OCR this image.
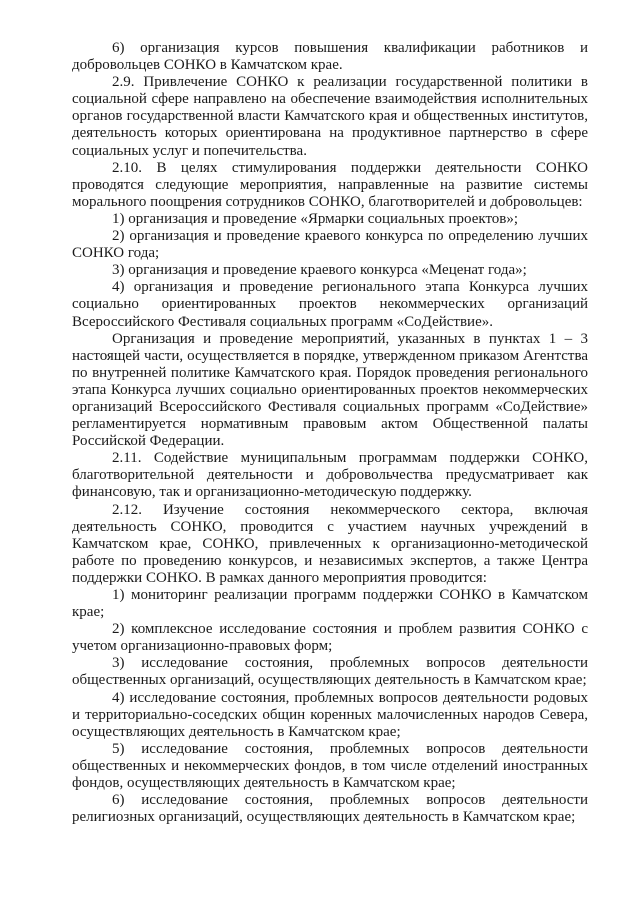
6) организация курсов повышения квалификации работников и добровольцев СОНКО в Камчатском крае.

2.9. Привлечение СОНКО к реализации государственной политики в социальной сфере направлено на обеспечение взаимодействия исполнительных органов государственной власти Камчатского края и общественных институтов, деятельность которых ориентирована на продуктивное партнерство в сфере социальных услуг и попечительства.

2.10. В целях стимулирования поддержки деятельности СОНКО проводятся следующие мероприятия, направленные на развитие системы морального поощрения сотрудников СОНКО, благотворителей и добровольцев:

1) организация и проведение «Ярмарки социальных проектов»;

2) организация и проведение краевого конкурса по определению лучших СОНКО года;

3) организация и проведение краевого конкурса «Меценат года»;

4) организация и проведение регионального этапа Конкурса лучших социально ориентированных проектов некоммерческих организаций Всероссийского Фестиваля социальных программ «СоДействие».

Организация и проведение мероприятий, указанных в пунктах 1 – 3 настоящей части, осуществляется в порядке, утвержденном приказом Агентства по внутренней политике Камчатского края. Порядок проведения регионального этапа Конкурса лучших социально ориентированных проектов некоммерческих организаций Всероссийского Фестиваля социальных программ «СоДействие» регламентируется нормативным правовым актом Общественной палаты Российской Федерации.

2.11. Содействие муниципальным программам поддержки СОНКО, благотворительной деятельности и добровольчества предусматривает как финансовую, так и организационно-методическую поддержку.

2.12. Изучение состояния некоммерческого сектора, включая деятельность СОНКО, проводится с участием научных учреждений в Камчатском крае, СОНКО, привлеченных к организационно-методической работе по проведению конкурсов, и независимых экспертов, а также Центра поддержки СОНКО. В рамках данного мероприятия проводится:

1) мониторинг реализации программ поддержки СОНКО в Камчатском крае;

2) комплексное исследование состояния и проблем развития СОНКО с учетом организационно-правовых форм;

3) исследование состояния, проблемных вопросов деятельности общественных организаций, осуществляющих деятельность в Камчатском крае;

4) исследование состояния, проблемных вопросов деятельности родовых и территориально-соседских общин коренных малочисленных народов Севера, осуществляющих деятельность в Камчатском крае;

5) исследование состояния, проблемных вопросов деятельности общественных и некоммерческих фондов, в том числе отделений иностранных фондов, осуществляющих деятельность в Камчатском крае;

6) исследование состояния, проблемных вопросов деятельности религиозных организаций, осуществляющих деятельность в Камчатском крае;
